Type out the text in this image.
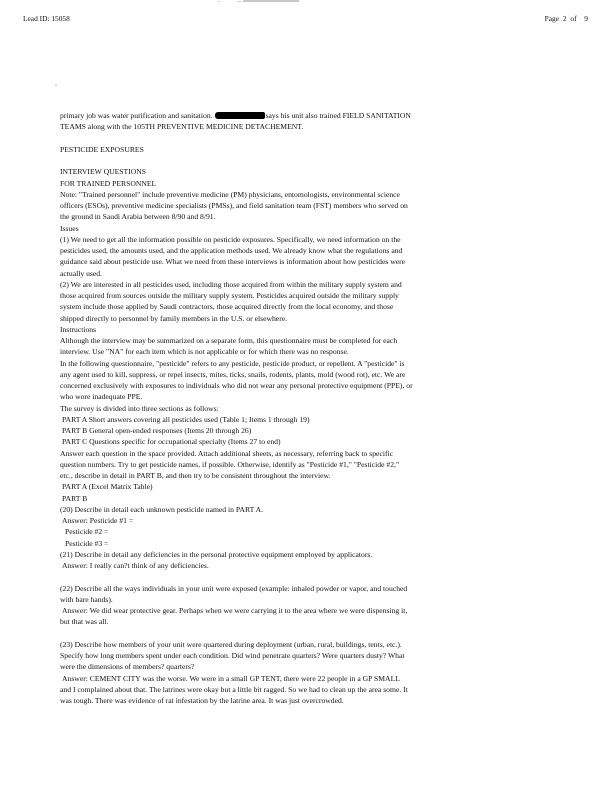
Lead ID: 15058	Page 2 of 9
primary job was water purification and sanitation.	says his unit also trained FIELD SANITATION
TEAMS along with the 105TH PREVENTIVE MEDICINE DETACHEMENT.
PESTICIDE EXPOSURES
INTERVIEW QUESTIONS
FOR TRAINED PERSONNEL
Note: "Trained personnel" include preventive medicine (PM) physicians, entomologists, environmental science
officers (ESOs), preventive medicine specialists (PMSs), and field sanitation team (FST) members who served on
the ground in Saudi Arabia between 8/90 and 8/91.
Issues
(1) We need to get all the information possible on pesticide exposures. Specifically, we need information on the
pesticides used, the amounts used, and the application methods used. We already know what the regulations and
guidance said about pesticide use. What we need from these interviews is information about how pesticides were
actually used.
(2) We are interested in all pesticides used, including those acquired from within the military supply system and
those acquired from sources outside the military supply system. Pesticides acquired outside the military supply
system include those applied by Saudi contractors, those acquired directly from the local economy, and those
shipped directly to personnel by family members in the U.S. or elsewhere.
Instructions
Although the interview may be summarized on a separate form, this questionnaire must be completed for each
interview. Use "NA" for each item which is not applicable or for which there was no response.
In the following questionnaire, "pesticide" refers to any pesticide, pesticide product, or repellent. A "pesticide" is
any agent used to kill, suppress, or repel insects, mites, ticks, snails, rodents, plants, mold (wood rot), etc. We are
concerned exclusively with exposures to individuals who did not wear any personal protective equipment (PPE), or
who wore inadequate PPE.
The survey is divided into three sections as follows:
PART A Short answers covering all pesticides used (Table 1; Items 1 through 19)
PART B General open-ended responses (Items 20 through 26)
PART C Questions specific for occupational specialty (Items 27 to end)
Answer each question in the space provided. Attach additional sheets, as necessary, referring back to specific
question numbers. Try to get pesticide names, if possible. Otherwise, identify as "Pesticide #1," "Pesticide #2,"
etc., describe in detail in PART B, and then try to be consistent throughout the interview.
PART A (Excel Matrix Table)
PART B
(20) Describe in detail each unknown pesticide named in PART A.
Answer: Pesticide #1 =
Pesticide #2 =
Pesticide #3 =
(21) Describe in detail any deficiencies in the personal protective equipment employed by applicators.
Answer: I really can?t think of any deficiencies.
(22) Describe all the ways individuals in your unit were exposed (example: inhaled powder or vapor, and touched
with bare hands).
Answer: We did wear protective gear. Perhaps when we were carrying it to the area where we were dispensing it,
but that was all.
(23) Describe how members of your unit were quartered during deployment (urban, rural, buildings, tents, etc.).
Specify how long members spent under each condition. Did wind penetrate quarters? Were quarters dusty? What
were the dimensions of members? quarters?
Answer: CEMENT CITY was the worse. We were in a small GP TENT, there were 22 people in a GP SMALL
and I complained about that. The latrines were okay but a little bit ragged. So we had to clean up the area some. It
was tough. There was evidence of rat infestation by the latrine area. It was just overcrowded.
